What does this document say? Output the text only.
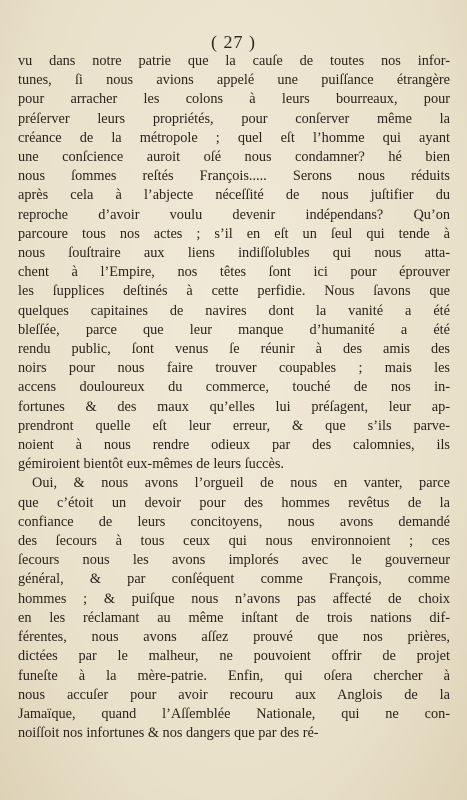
( 27 )
vu dans notre patrie que la cauſe de toutes nos infor-
tunes, ſi nous avions appelé une puiſſance étrangère
pour arracher les colons à leurs bourreaux, pour
préſerver leurs propriétés, pour conſerver même la
créance de la métropole ; quel eſt l’homme qui ayant
une conſcience auroit oſé nous condamner? hé bien
nous ſommes reſtés François..... Serons nous réduits
après cela à l’abjecte néceſſité de nous juſtifier du
reproche d’avoir voulu devenir indépendans? Qu’on
parcoure tous nos actes ; s’il en eſt un ſeul qui tende à
nous ſouſtraire aux liens indiſſolubles qui nous atta-
chent à l’Empire, nos têtes ſont ici pour éprouver
les ſupplices deſtinés à cette perfidie. Nous ſavons que
quelques capitaines de navires dont la vanité a été
bleſſée, parce que leur manque d’humanité a été
rendu public, ſont venus ſe réunir à des amis des
noirs pour nous faire trouver coupables ; mais les
accens douloureux du commerce, touché de nos in-
fortunes & des maux qu’elles lui préſagent, leur ap-
prendront quelle eſt leur erreur, & que s’ils parve-
noient à nous rendre odieux par des calomnies, ils
gémiroient bientôt eux-mêmes de leurs ſuccès.
Oui, & nous avons l’orgueil de nous en vanter, parce
que c’étoit un devoir pour des hommes revêtus de la
confiance de leurs concitoyens, nous avons demandé
des ſecours à tous ceux qui nous environnoient ; ces
ſecours nous les avons implorés avec le gouverneur
général, & par conſéquent comme François, comme
hommes ; & puiſque nous n’avons pas affecté de choix
en les réclamant au même inſtant de trois nations dif-
férentes, nous avons aſſez prouvé que nos prières,
dictées par le malheur, ne pouvoient offrir de projet
funeſte à la mère-patrie. Enfin, qui oſera chercher à
nous accuſer pour avoir recouru aux Anglois de la
Jamaïque, quand l’Aſſemblée Nationale, qui ne con-
noiſſoit nos infortunes & nos dangers que par des ré-
